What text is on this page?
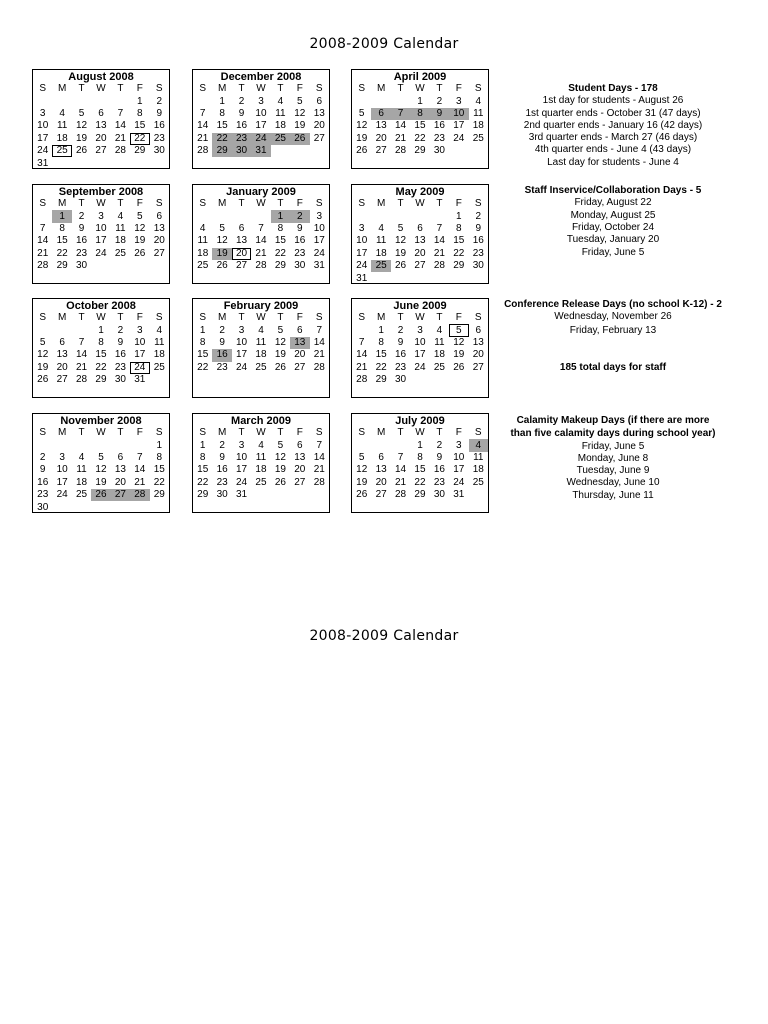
2008-2009 Calendar
August 2008
S	M	T	W	T	F	S
					1	2
3	4	5	6	7	8	9
10	11	12	13	14	15	16
17	18	19	20	21	22	23
24	25	26	27	28	29	30
31						
December 2008
S	M	T	W	T	F	S
	1	2	3	4	5	6
7	8	9	10	11	12	13
14	15	16	17	18	19	20
21	22	23	24	25	26	27
28	29	30	31			
April 2009
S	M	T	W	T	F	S
			1	2	3	4
5	6	7	8	9	10	11
12	13	14	15	16	17	18
19	20	21	22	23	24	25
26	27	28	29	30		
September 2008
S	M	T	W	T	F	S
	1	2	3	4	5	6
7	8	9	10	11	12	13
14	15	16	17	18	19	20
21	22	23	24	25	26	27
28	29	30				
January 2009
S	M	T	W	T	F	S
				1	2	3
4	5	6	7	8	9	10
11	12	13	14	15	16	17
18	19	20	21	22	23	24
25	26	27	28	29	30	31
May 2009
S	M	T	W	T	F	S
					1	2
3	4	5	6	7	8	9
10	11	12	13	14	15	16
17	18	19	20	21	22	23
24	25	26	27	28	29	30
31						
October 2008
S	M	T	W	T	F	S
			1	2	3	4
5	6	7	8	9	10	11
12	13	14	15	16	17	18
19	20	21	22	23	24	25
26	27	28	29	30	31	
February 2009
S	M	T	W	T	F	S
1	2	3	4	5	6	7
8	9	10	11	12	13	14
15	16	17	18	19	20	21
22	23	24	25	26	27	28
June 2009
S	M	T	W	T	F	S
	1	2	3	4	5	6
7	8	9	10	11	12	13
14	15	16	17	18	19	20
21	22	23	24	25	26	27
28	29	30				
November 2008
S	M	T	W	T	F	S
						1
2	3	4	5	6	7	8
9	10	11	12	13	14	15
16	17	18	19	20	21	22
23	24	25	26	27	28	29
30						
March 2009
S	M	T	W	T	F	S
1	2	3	4	5	6	7
8	9	10	11	12	13	14
15	16	17	18	19	20	21
22	23	24	25	26	27	28
29	30	31				
July 2009
S	M	T	W	T	F	S
			1	2	3	4
5	6	7	8	9	10	11
12	13	14	15	16	17	18
19	20	21	22	23	24	25
26	27	28	29	30	31	

Student Days - 178

1st day for students - August 26

1st quarter ends - October 31 (47 days)

2nd quarter ends - January 16 (42 days)

3rd quarter ends - March 27 (46 days)

4th quarter ends - June 4 (43 days)

Last day for students - June 4

Staff Inservice/Collaboration Days - 5

Friday, August 22

Monday, August 25

Friday, October 24

Tuesday, January 20

Friday, June 5

Conference Release Days (no school K-12) - 2

Wednesday, November 26

Friday, February 13

185 total days for staff

Calamity Makeup Days (if there are more

than five calamity days during school year)

Friday, June 5

Monday, June 8

Tuesday, June 9

Wednesday, June 10

Thursday, June 11

2008-2009 Calendar
